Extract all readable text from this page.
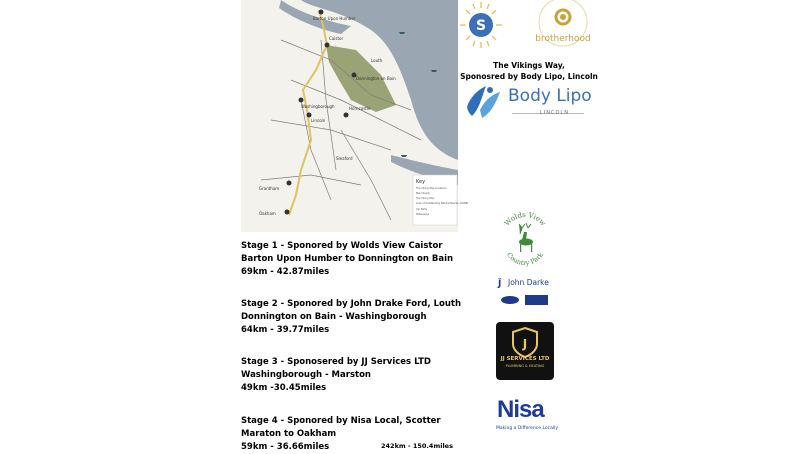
Barton Upon Humber
Caistor
Donnington on Bain
Louth
Lincoln
Washingborough	Horncastle
Sleaford
Grantham
Oakham
Key
The Viking Way Locations
Main Roads
The Viking Way
Area of Outstanding Natural Beauty (AONB)
Car Parks
Waterways
S
brotherhood
The Vikings Way,
Sponosred by Body Lipo, Lincoln
Body Lipo
LINCOLN
Stage 1 - Sponored by Wolds View Caistor
Barton Upon Humber to Donnington on Bain
69km - 42.87miles
Stage 2 - Sponored by John Drake Ford, Louth
Donnington on Bain - Washingborough
64km - 39.77miles
Stage 3 - Sponosered by JJ Services LTD
Washingborough - Marston
49km -30.45miles
Stage 4 - Sponored by Nisa Local, Scotter
Maraton to Oakham
59km - 36.66miles	242km - 150.4miles
Wolds View
Country Park
Ĵ John Darke
J
JJ SERVICES LTD
PLUMBING & HEATING
Nisa
Making a Difference Locally
